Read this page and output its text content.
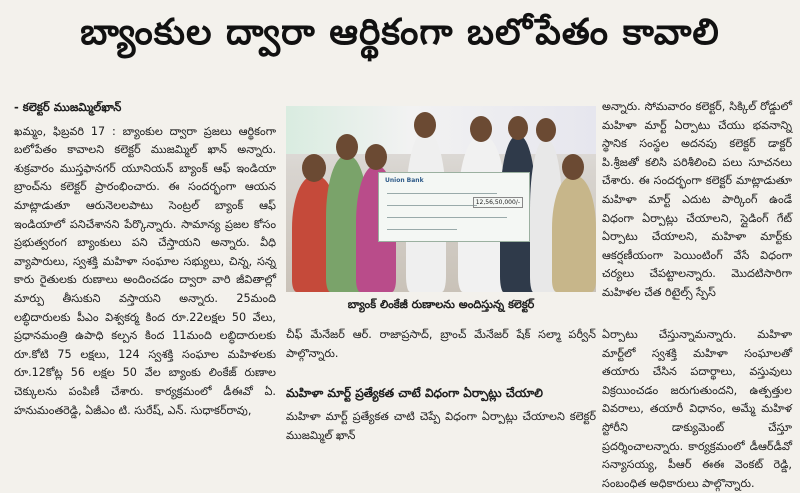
బ్యాంకుల ద్వారా ఆర్థికంగా బలోపేతం కావాలి

- కలెక్టర్ ముజమ్మిల్‌ఖాన్

ఖమ్మం, ఫిబ్రవరి 17 : బ్యాంకుల ద్వారా ప్రజలు ఆర్థికంగా బలోపేతం కావాలని కలెక్టర్ ముజమ్మిల్ ఖాన్ అన్నారు. శుక్రవారం ముస్తఫానగర్ యూనియన్ బ్యాంక్ ఆఫ్ ఇండియా బ్రాంచ్‌ను కలెక్టర్ ప్రారంభించారు. ఈ సందర్భంగా ఆయన మాట్లాడుతూ ఆరునెలలపాటు సెంట్రల్ బ్యాంక్ ఆఫ్ ఇండియాలో పనిచేశానని పేర్కొన్నారు. సామాన్య ప్రజల కోసం ప్రభుత్వరంగ బ్యాంకులు పని చేస్తాయని అన్నారు. వీధి వ్యాపారులు, స్వశక్తి మహిళా సంఘాల సభ్యులు, చిన్న, సన్న కారు రైతులకు రుణాలు అందించడం ద్వారా వారి జీవితాల్లో మార్పు తీసుకుని వస్తాయని అన్నారు. 25మంది లబ్ధిదారులకు పీఎం విశ్వకర్మ కింద రూ.22లక్షల 50 వేలు, ప్రధానమంత్రి ఉపాధి కల్పన కింద 11మంది లబ్ధిదారులకు రూ.కోటి 75 లక్షలు, 124 స్వశక్తి సంఘాల మహిళలకు రూ.12కోట్ల 56 లక్షల 50 వేల బ్యాంకు లింకేజ్ రుణాల చెక్కులను పంపిణీ చేశారు. కార్యక్రమంలో డీఈవో ఏ. హనుమంతరెడ్డి, ఏజీఎం టి. సురేష్, ఎన్. సుధాకర్‌రావు,

Union Bank
12,56,50,000/-
బ్యాంక్ లింకేజీ రుణాలను అందిస్తున్న కలెక్టర్

అన్నారు. సోమవారం కలెక్టర్, సిక్కిల్ రోడ్డులో మహిళా మార్ట్ ఏర్పాటు చేయు భవనాన్ని స్థానిక సంస్థల అదనపు కలెక్టర్ డాక్టర్ పి.శ్రీజతో కలిసి పరిశీలించి పలు సూచనలు చేశారు. ఈ సందర్భంగా కలెక్టర్ మాట్లాడుతూ మహిళా మార్ట్ ఎదుట పార్కింగ్ ఉండే విధంగా ఏర్పాట్లు చేయాలని, స్లైడింగ్ గేట్ ఏర్పాటు చేయాలని, మహిళా మార్ట్‌కు ఆకర్షణీయంగా పెయింటింగ్ వేసే విధంగా చర్యలు చేపట్టాలన్నారు. మొదటిసారిగా మహిళల చేత రిటైల్స్ స్పేస్

చీఫ్ మేనేజర్ ఆర్. రాజాప్రసాద్, బ్రాంచ్ మేనేజర్ షేక్ సల్మా పర్వీన్ పాల్గొన్నారు.

మహిళా మార్ట్ ప్రత్యేకత చాటే విధంగా ఏర్పాట్లు చేయాలి

మహిళా మార్ట్ ప్రత్యేకత చాటి చెప్పే విధంగా ఏర్పాట్లు చేయాలని కలెక్టర్ ముజమ్మిల్ ఖాన్

ఏర్పాటు చేస్తున్నామన్నారు. మహిళా మార్ట్‌లో స్వశక్తి మహిళా సంఘాలతో తయారు చేసిన పదార్థాలు, వస్తువులు విక్రయించడం జరుగుతుందని, ఉత్పత్తుల వివరాలు, తయారీ విధానం, అమ్మే మహిళ స్టోరీని డాక్యుమెంట్ చేస్తూ ప్రదర్శించాలన్నారు. కార్యక్రమంలో డీఆర్‌డీవో సన్యాసయ్య, పీఆర్ ఈఈ వెంకట్ రెడ్డి, సంబంధిత అధికారులు పాల్గొన్నారు.
